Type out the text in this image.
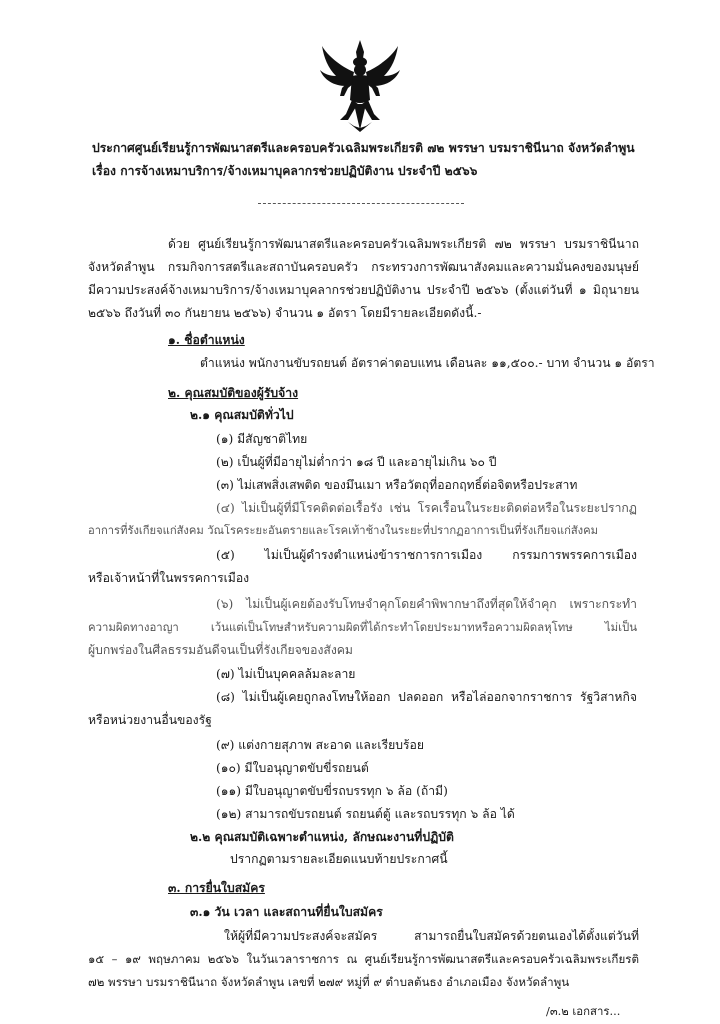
ประกาศศูนย์เรียนรู้การพัฒนาสตรีและครอบครัวเฉลิมพระเกียรติ ๗๒ พรรษา บรมราชินีนาถ จังหวัดลำพูน
เรื่อง การจ้างเหมาบริการ/จ้างเหมาบุคลากรช่วยปฏิบัติงาน ประจำปี ๒๕๖๖
ด้วย ศูนย์เรียนรู้การพัฒนาสตรีและครอบครัวเฉลิมพระเกียรติ ๗๒ พรรษา บรมราชินีนาถ
จังหวัดลำพูน กรมกิจการสตรีและสถาบันครอบครัว กระทรวงการพัฒนาสังคมและความมั่นคงของมนุษย์
มีความประสงค์จ้างเหมาบริการ/จ้างเหมาบุคลากรช่วยปฏิบัติงาน ประจำปี ๒๕๖๖ (ตั้งแต่วันที่ ๑ มิถุนายน
๒๕๖๖ ถึงวันที่ ๓๐ กันยายน ๒๕๖๖) จำนวน ๑ อัตรา โดยมีรายละเอียดดังนี้.-
๑. ชื่อตำแหน่ง
ตำแหน่ง พนักงานขับรถยนต์ อัตราค่าตอบแทน เดือนละ ๑๑,๕๐๐.- บาท จำนวน ๑ อัตรา
๒. คุณสมบัติของผู้รับจ้าง
๒.๑ คุณสมบัติทั่วไป
(๑) มีสัญชาติไทย
(๒) เป็นผู้ที่มีอายุไม่ต่ำกว่า ๑๘ ปี และอายุไม่เกิน ๖๐ ปี
(๓) ไม่เสพสิ่งเสพติด ของมึนเมา หรือวัตถุที่ออกฤทธิ์ต่อจิตหรือประสาท
(๔) ไม่เป็นผู้ที่มีโรคติดต่อเรื้อรัง เช่น โรคเรื้อนในระยะติดต่อหรือในระยะปรากฏ
อาการที่รังเกียจแก่สังคม วัณโรคระยะอันตรายและโรคเท้าช้างในระยะที่ปรากฏอาการเป็นที่รังเกียจแก่สังคม
(๕) ไม่เป็นผู้ดำรงตำแหน่งข้าราชการการเมือง กรรมการพรรคการเมือง
หรือเจ้าหน้าที่ในพรรคการเมือง
(๖) ไม่เป็นผู้เคยต้องรับโทษจำคุกโดยคำพิพากษาถึงที่สุดให้จำคุก เพราะกระทำ
ความผิดทางอาญา เว้นแต่เป็นโทษสำหรับความผิดที่ได้กระทำโดยประมาทหรือความผิดลหุโทษ ไม่เป็น
ผู้บกพร่องในศีลธรรมอันดีจนเป็นที่รังเกียจของสังคม
(๗) ไม่เป็นบุคคลล้มละลาย
(๘) ไม่เป็นผู้เคยถูกลงโทษให้ออก ปลดออก หรือไล่ออกจากราชการ รัฐวิสาหกิจ
หรือหน่วยงานอื่นของรัฐ
(๙) แต่งกายสุภาพ สะอาด และเรียบร้อย
(๑๐) มีใบอนุญาตขับขี่รถยนต์
(๑๑) มีใบอนุญาตขับขี่รถบรรทุก ๖ ล้อ (ถ้ามี)
(๑๒) สามารถขับรถยนต์ รถยนต์ตู้ และรถบรรทุก ๖ ล้อ ได้
๒.๒ คุณสมบัติเฉพาะตำแหน่ง, ลักษณะงานที่ปฏิบัติ
ปรากฏตามรายละเอียดแนบท้ายประกาศนี้
๓. การยื่นใบสมัคร
๓.๑ วัน เวลา และสถานที่ยื่นใบสมัคร
ให้ผู้ที่มีความประสงค์จะสมัคร สามารถยื่นใบสมัครด้วยตนเองได้ตั้งแต่วันที่
๑๕ – ๑๙ พฤษภาคม ๒๕๖๖ ในวันเวลาราชการ ณ ศูนย์เรียนรู้การพัฒนาสตรีและครอบครัวเฉลิมพระเกียรติ
๗๒ พรรษา บรมราชินีนาถ จังหวัดลำพูน เลขที่ ๒๗๙ หมู่ที่ ๙ ตำบลต้นธง อำเภอเมือง จังหวัดลำพูน
/๓.๒ เอกสาร...
